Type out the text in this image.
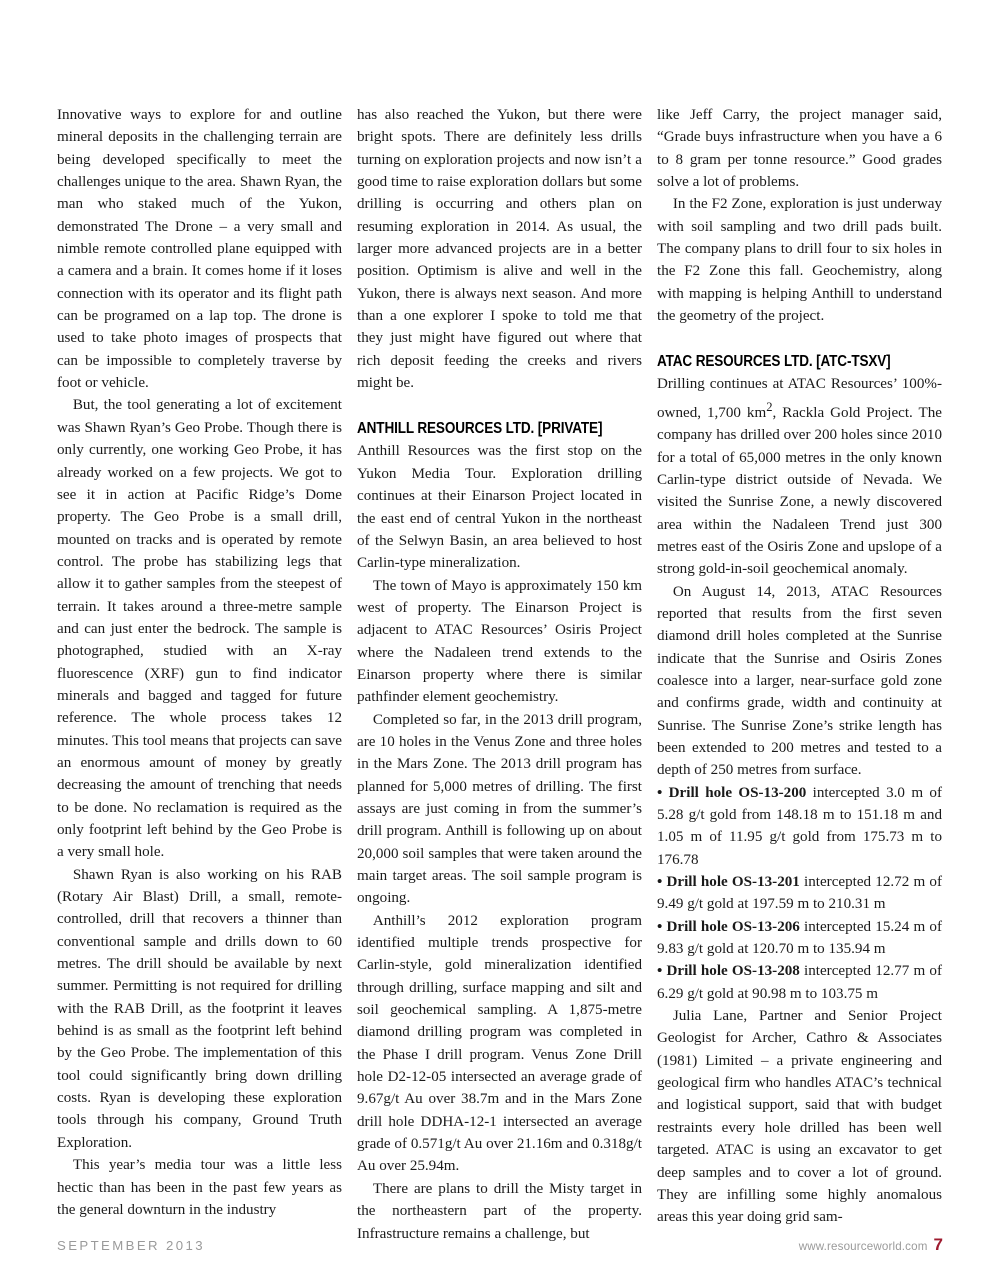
Innovative ways to explore for and outline mineral deposits in the challenging terrain are being developed specifically to meet the challenges unique to the area. Shawn Ryan, the man who staked much of the Yukon, demonstrated The Drone – a very small and nimble remote controlled plane equipped with a camera and a brain. It comes home if it loses connection with its operator and its flight path can be programed on a lap top. The drone is used to take photo images of prospects that can be impossible to completely traverse by foot or vehicle.

But, the tool generating a lot of excitement was Shawn Ryan’s Geo Probe. Though there is only currently, one working Geo Probe, it has already worked on a few projects. We got to see it in action at Pacific Ridge’s Dome property. The Geo Probe is a small drill, mounted on tracks and is operated by remote control. The probe has stabilizing legs that allow it to gather samples from the steepest of terrain. It takes around a three-metre sample and can just enter the bedrock. The sample is photographed, studied with an X-ray fluorescence (XRF) gun to find indicator minerals and bagged and tagged for future reference. The whole process takes 12 minutes. This tool means that projects can save an enormous amount of money by greatly decreasing the amount of trenching that needs to be done. No reclamation is required as the only footprint left behind by the Geo Probe is a very small hole.

Shawn Ryan is also working on his RAB (Rotary Air Blast) Drill, a small, remote-controlled, drill that recovers a thinner than conventional sample and drills down to 60 metres. The drill should be available by next summer. Permitting is not required for drilling with the RAB Drill, as the footprint it leaves behind is as small as the footprint left behind by the Geo Probe. The implementation of this tool could significantly bring down drilling costs. Ryan is developing these exploration tools through his company, Ground Truth Exploration.

This year’s media tour was a little less hectic than has been in the past few years as the general downturn in the industry

has also reached the Yukon, but there were bright spots. There are definitely less drills turning on exploration projects and now isn’t a good time to raise exploration dollars but some drilling is occurring and others plan on resuming exploration in 2014. As usual, the larger more advanced projects are in a better position. Optimism is alive and well in the Yukon, there is always next season. And more than a one explorer I spoke to told me that they just might have figured out where that rich deposit feeding the creeks and rivers might be.

ANTHILL RESOURCES LTD. [PRIVATE]

Anthill Resources was the first stop on the Yukon Media Tour. Exploration drilling continues at their Einarson Project located in the east end of central Yukon in the northeast of the Selwyn Basin, an area believed to host Carlin-type mineralization.

The town of Mayo is approximately 150 km west of property. The Einarson Project is adjacent to ATAC Resources’ Osiris Project where the Nadaleen trend extends to the Einarson property where there is similar pathfinder element geochemistry.

Completed so far, in the 2013 drill program, are 10 holes in the Venus Zone and three holes in the Mars Zone. The 2013 drill program has planned for 5,000 metres of drilling. The first assays are just coming in from the summer’s drill program. Anthill is following up on about 20,000 soil samples that were taken around the main target areas. The soil sample program is ongoing.

Anthill’s 2012 exploration program identified multiple trends prospective for Carlin-style, gold mineralization identified through drilling, surface mapping and silt and soil geochemical sampling. A 1,875-metre diamond drilling program was completed in the Phase I drill program. Venus Zone Drill hole D2-12-05 intersected an average grade of 9.67g/t Au over 38.7m and in the Mars Zone drill hole DDHA-12-1 intersected an average grade of 0.571g/t Au over 21.16m and 0.318g/t Au over 25.94m.

There are plans to drill the Misty target in the northeastern part of the property. Infrastructure remains a challenge, but

like Jeff Carry, the project manager said, “Grade buys infrastructure when you have a 6 to 8 gram per tonne resource.” Good grades solve a lot of problems.

In the F2 Zone, exploration is just underway with soil sampling and two drill pads built. The company plans to drill four to six holes in the F2 Zone this fall. Geochemistry, along with mapping is helping Anthill to understand the geometry of the project.

ATAC RESOURCES LTD. [ATC-TSXV]

Drilling continues at ATAC Resources’ 100%-owned, 1,700 $km^2$, Rackla Gold Project. The company has drilled over 200 holes since 2010 for a total of 65,000 metres in the only known Carlin-type district outside of Nevada. We visited the Sunrise Zone, a newly discovered area within the Nadaleen Trend just 300 metres east of the Osiris Zone and upslope of a strong gold-in-soil geochemical anomaly.

On August 14, 2013, ATAC Resources reported that results from the first seven diamond drill holes completed at the Sunrise indicate that the Sunrise and Osiris Zones coalesce into a larger, near-surface gold zone and confirms grade, width and continuity at Sunrise. The Sunrise Zone’s strike length has been extended to 200 metres and tested to a depth of 250 metres from surface.

• Drill hole OS-13-200 intercepted 3.0 m of 5.28 g/t gold from 148.18 m to 151.18 m and 1.05 m of 11.95 g/t gold from 175.73 m to 176.78

• Drill hole OS-13-201 intercepted 12.72 m of 9.49 g/t gold at 197.59 m to 210.31 m

• Drill hole OS-13-206 intercepted 15.24 m of 9.83 g/t gold at 120.70 m to 135.94 m

• Drill hole OS-13-208 intercepted 12.77 m of 6.29 g/t gold at 90.98 m to 103.75 m

Julia Lane, Partner and Senior Project Geologist for Archer, Cathro & Associates (1981) Limited – a private engineering and geological firm who handles ATAC’s technical and logistical support, said that with budget restraints every hole drilled has been well targeted. ATAC is using an excavator to get deep samples and to cover a lot of ground. They are infilling some highly anomalous areas this year doing grid sam-

SEPTEMBER 2013	www.resourceworld.com 7
